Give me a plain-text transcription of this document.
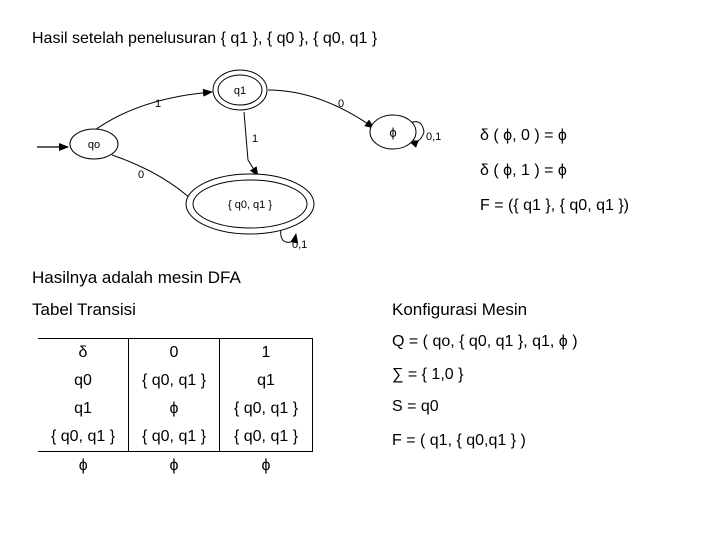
Hasil setelah penelusuran { q1 }, { q0 }, { q0, q1 }
q1
qo
ϕ
{ q0, q1 }
1	0
1
0
0,1
0,1
δ ( ϕ, 0 ) = ϕ
δ ( ϕ, 1 ) = ϕ
F = ({ q1 }, { q0, q1 })
Hasilnya adalah mesin DFA
Tabel Transisi	Konfigurasi Mesin
δ	0	1
q0	{ q0, q1 }	q1
q1	ϕ	{ q0, q1 }
{ q0, q1 }	{ q0, q1 }	{ q0, q1 }
ϕ	ϕ	ϕ
Q = ( qo, { q0, q1 }, q1, ϕ )
∑ = { 1,0 }
S = q0
F = ( q1, { q0,q1 } )
